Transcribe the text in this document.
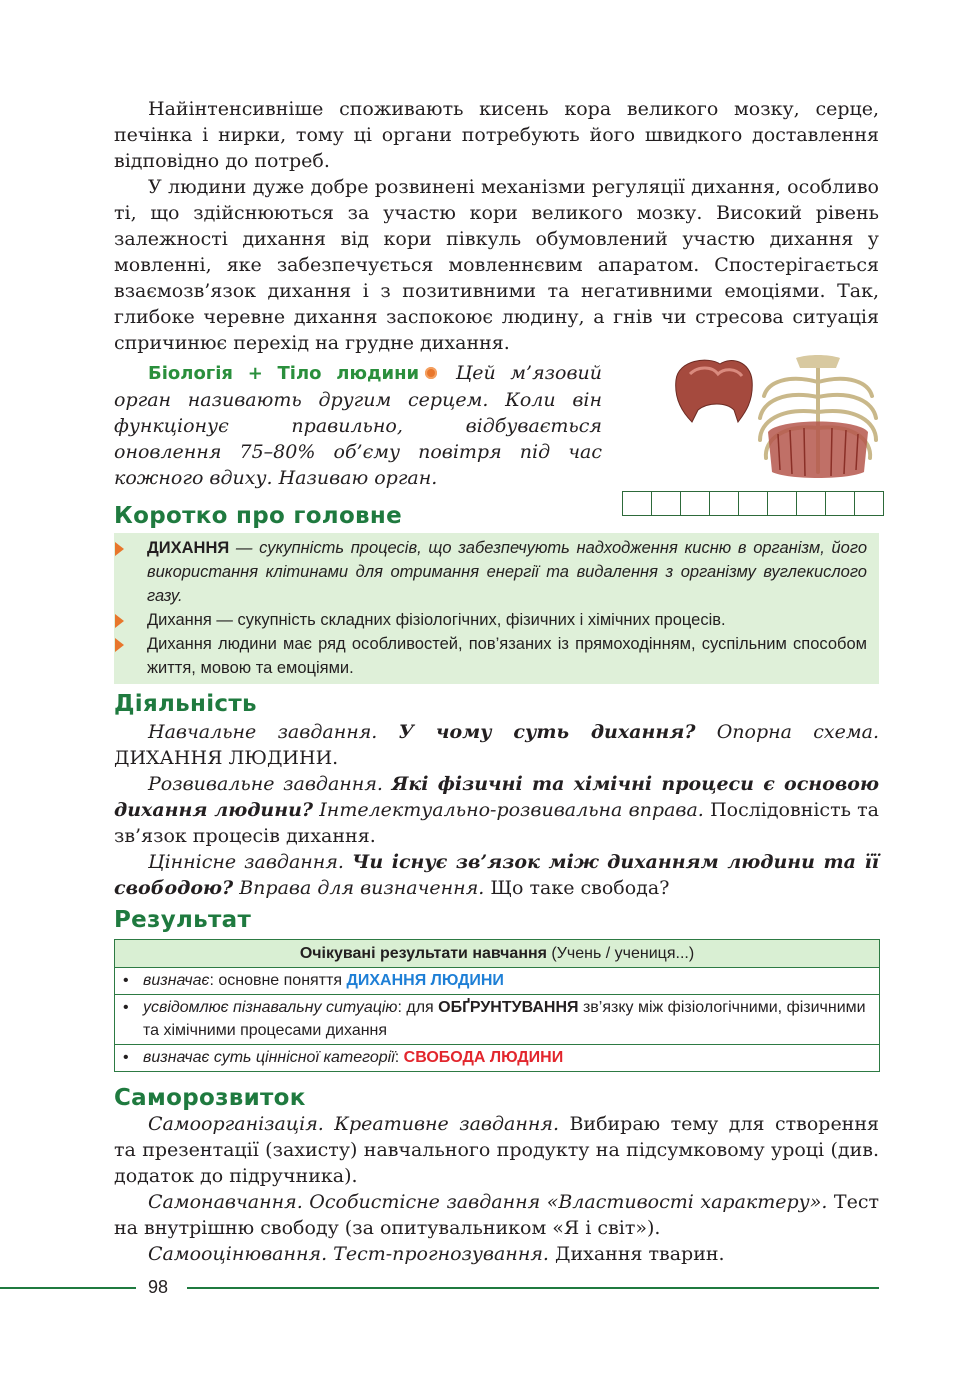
Найінтенсивніше споживають кисень кора великого мозку, серце, печінка і нирки, тому ці органи потребують його швидкого доставлення відповідно до потреб.

У людини дуже добре розвинені механізми регуляції дихання, особливо ті, що здійснюються за участю кори великого мозку. Високий рівень залежності дихання від кори півкуль обумовлений участю дихання у мовленні, яке забезпечується мовленнєвим апаратом. Спостерігається взаємозв’язок дихання і з позитивними та негативними емоціями. Так, глибоке черевне дихання заспокоює людину, а гнів чи стресова ситуація спричинює перехід на грудне дихання.

Біологія + Тіло людини Цей м’язовий орган називають другим серцем. Коли він функціонує правильно, відбувається оновлення 75–80% об’єму повітря під час кожного вдиху. Називаю орган.

Коротко про головне
ДИХАННЯ — сукупність процесів, що забезпечують надходження кисню в організм, його використання клітинами для отримання енергії та видалення з організму вуглекислого газу.
Дихання — сукупність складних фізіологічних, фізичних і хімічних процесів.
Дихання людини має ряд особливостей, пов’язаних із прямоходінням, суспільним способом життя, мовою та емоціями.
Діяльність

Навчальне завдання. У чому суть дихання? Опорна схема. ДИХАННЯ ЛЮДИНИ.

Розвивальне завдання. Які фізичні та хімічні процеси є основою дихання людини? Інтелектуально-розвивальна вправа. Послідовність та зв’язок процесів дихання.

Ціннісне завдання. Чи існує зв’язок між диханням людини та її свободою? Вправа для визначення. Що таке свобода?

Результат
Очікувані результати навчання (Учень / учениця...)
• визначає: основне поняття ДИХАННЯ ЛЮДИНИ
• усвідомлює пізнавальну ситуацію: для ОБҐРУНТУВАННЯ зв’язку між фізіологічними, фізичними та хімічними процесами дихання
• визначає суть ціннісної категорії: СВОБОДА ЛЮДИНИ
Саморозвиток

Самоорганізація. Креативне завдання. Вибираю тему для створення та презентації (захисту) навчального продукту на підсумковому уроці (див. додаток до підручника).

Самонавчання. Особистісне завдання «Властивості характеру». Тест на внутрішню свободу (за опитувальником «Я і світ»).

Самооцінювання. Тест-прогнозування. Дихання тварин.

98
